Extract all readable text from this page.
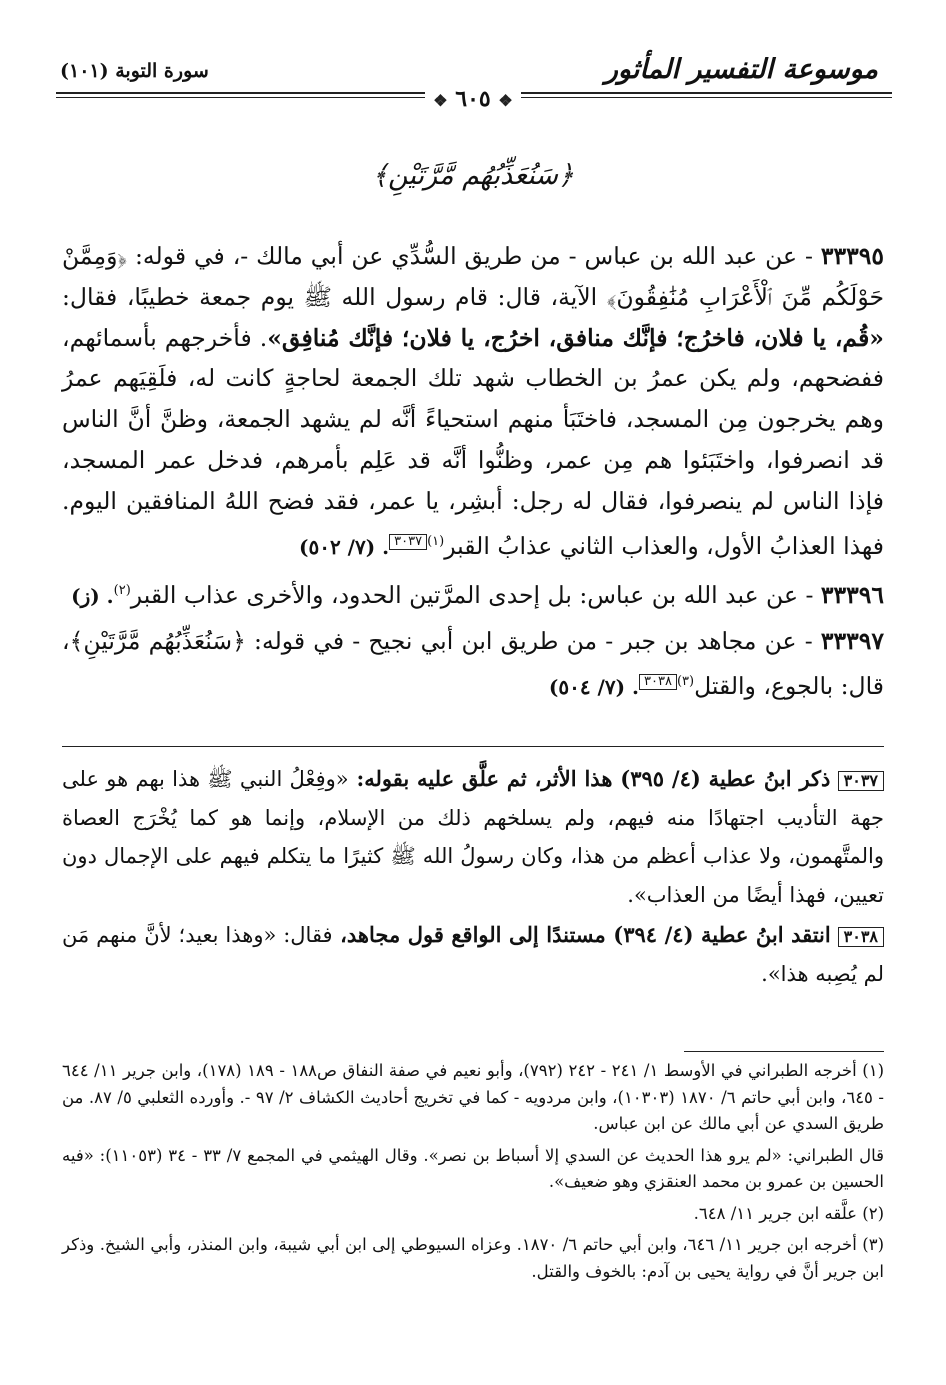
سورة التوبة (١٠١)	موسوعة التفسير المأثور
❖ ٦٠٥ ❖
﴿سَنُعَذِّبُهُم مَّرَّتَيْنِ﴾

٣٣٣٩٥ - عن عبد الله بن عباس - من طريق السُّدِّي عن أبي مالك -، في قوله: ﴿وَمِمَّنْ حَوْلَكُم مِّنَ ٱلْأَعْرَابِ مُنَٰفِقُونَ﴾ الآية، قال: قام رسول الله ﷺ يوم جمعة خطيبًا، فقال: «قُم، يا فلان، فاخرُج؛ فإنَّك منافق، اخرُج، يا فلان؛ فإنَّك مُنافِق». فأخرجهم بأسمائهم، ففضحهم، ولم يكن عمرُ بن الخطاب شهد تلك الجمعة لحاجةٍ كانت له، فلَقِيَهم عمرُ وهم يخرجون مِن المسجد، فاختَبَأ منهم استحياءً أنَّه لم يشهد الجمعة، وظنَّ أنَّ الناس قد انصرفوا، واختَبَئوا هم مِن عمر، وظنُّوا أنَّه قد عَلِم بأمرهم، فدخل عمر المسجد، فإذا الناس لم ينصرفوا، فقال له رجل: أبشِر، يا عمر، فقد فضح اللهُ المنافقين اليوم. فهذا العذابُ الأول، والعذاب الثاني عذابُ القبر$^{(١)}$٣٠٣٧. (٧/ ٥٠٢)

٣٣٣٩٦ - عن عبد الله بن عباس: بل إحدى المرَّتين الحدود، والأخرى عذاب القبر$^{(٢)}$. (ز)

٣٣٣٩٧ - عن مجاهد بن جبر - من طريق ابن أبي نجيح - في قوله: ﴿سَنُعَذِّبُهُم مَّرَّتَيْنِ﴾، قال: بالجوع، والقتل$^{(٣)}$٣٠٣٨. (٧/ ٥٠٤)

٣٠٣٧ ذكر ابنُ عطية (٤/ ٣٩٥) هذا الأثر، ثم علَّق عليه بقوله: «وفِعْلُ النبي ﷺ هذا بهم هو على جهة التأديب اجتهادًا منه فيهم، ولم يسلخهم ذلك من الإسلام، وإنما هو كما يُخْرَج العصاة والمتَّهمون، ولا عذاب أعظم من هذا، وكان رسولُ الله ﷺ كثيرًا ما يتكلم فيهم على الإجمال دون تعيين، فهذا أيضًا من العذاب».

٣٠٣٨ انتقد ابنُ عطية (٤/ ٣٩٤) مستندًا إلى الواقع قول مجاهد، فقال: «وهذا بعيد؛ لأنَّ منهم مَن لم يُصِبه هذا».

(١) أخرجه الطبراني في الأوسط ١/ ٢٤١ - ٢٤٢ (٧٩٢)، وأبو نعيم في صفة النفاق ص١٨٨ - ١٨٩ (١٧٨)، وابن جرير ١١/ ٦٤٤ - ٦٤٥، وابن أبي حاتم ٦/ ١٨٧٠ (١٠٣٠٣)، وابن مردويه - كما في تخريج أحاديث الكشاف ٢/ ٩٧ -. وأورده الثعلبي ٥/ ٨٧. من طريق السدي عن أبي مالك عن ابن عباس.

قال الطبراني: «لم يرو هذا الحديث عن السدي إلا أسباط بن نصر». وقال الهيثمي في المجمع ٧/ ٣٣ - ٣٤ (١١٠٥٣): «فيه الحسين بن عمرو بن محمد العنقزي وهو ضعيف».

(٢) علَّقه ابن جرير ١١/ ٦٤٨.

(٣) أخرجه ابن جرير ١١/ ٦٤٦، وابن أبي حاتم ٦/ ١٨٧٠. وعزاه السيوطي إلى ابن أبي شيبة، وابن المنذر، وأبي الشيخ. وذكر ابن جرير أنَّ في رواية يحيى بن آدم: بالخوف والقتل.
